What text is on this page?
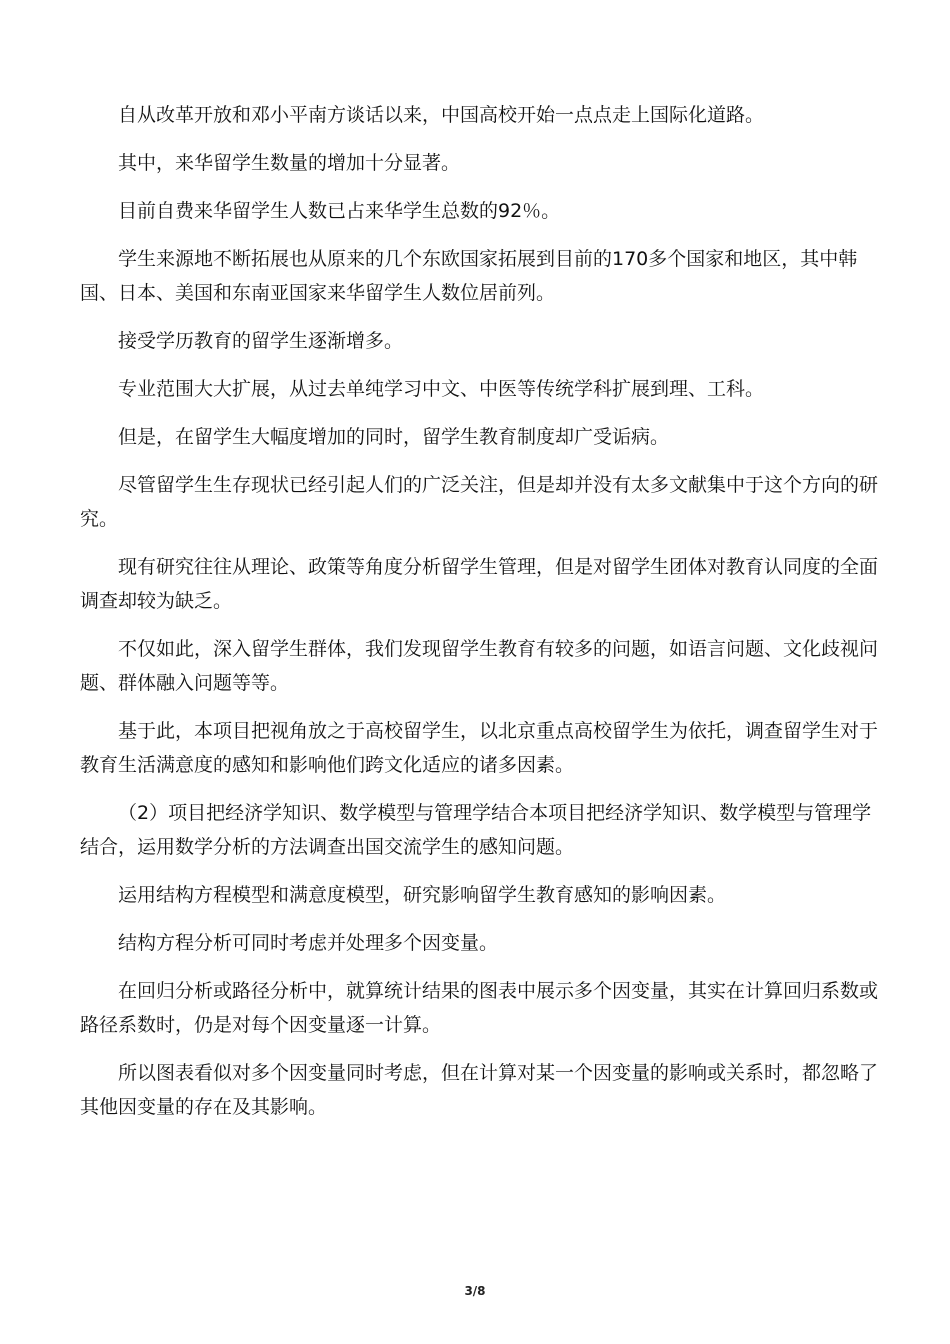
自从改革开放和邓小平南方谈话以来，中国高校开始一点点走上国际化道路。

其中，来华留学生数量的增加十分显著。

目前自费来华留学生人数已占来华学生总数的92％。

学生来源地不断拓展也从原来的几个东欧国家拓展到目前的170多个国家和地区，其中韩国、日本、美国和东南亚国家来华留学生人数位居前列。

接受学历教育的留学生逐渐增多。

专业范围大大扩展，从过去单纯学习中文、中医等传统学科扩展到理、工科。

但是，在留学生大幅度增加的同时，留学生教育制度却广受诟病。

尽管留学生生存现状已经引起人们的广泛关注，但是却并没有太多文献集中于这个方向的研究。

现有研究往往从理论、政策等角度分析留学生管理，但是对留学生团体对教育认同度的全面调查却较为缺乏。

不仅如此，深入留学生群体，我们发现留学生教育有较多的问题，如语言问题、文化歧视问题、群体融入问题等等。

基于此，本项目把视角放之于高校留学生，以北京重点高校留学生为依托，调查留学生对于教育生活满意度的感知和影响他们跨文化适应的诸多因素。

（2）项目把经济学知识、数学模型与管理学结合本项目把经济学知识、数学模型与管理学结合，运用数学分析的方法调查出国交流学生的感知问题。

运用结构方程模型和满意度模型，研究影响留学生教育感知的影响因素。

结构方程分析可同时考虑并处理多个因变量。

在回归分析或路径分析中，就算统计结果的图表中展示多个因变量，其实在计算回归系数或路径系数时，仍是对每个因变量逐一计算。

所以图表看似对多个因变量同时考虑，但在计算对某一个因变量的影响或关系时，都忽略了其他因变量的存在及其影响。

3/8
